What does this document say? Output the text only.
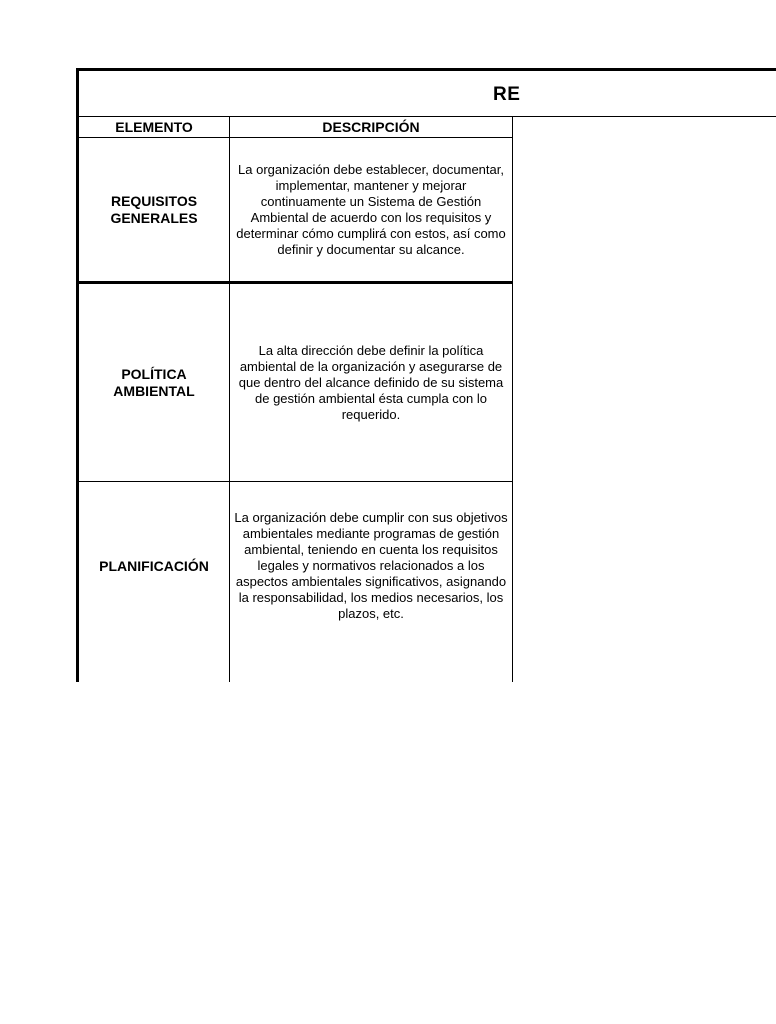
RE
ELEMENTO	DESCRIPCIÓN
REQUISITOS GENERALES
La organización debe establecer, documentar, implementar, mantener y mejorar continuamente un Sistema de Gestión Ambiental de acuerdo con los requisitos y determinar cómo cumplirá con estos, así como definir y documentar su alcance.
POLÍTICA AMBIENTAL
La alta dirección debe definir la política ambiental de la organización y asegurarse de que dentro del alcance definido de su sistema de gestión ambiental ésta cumpla con lo requerido.
PLANIFICACIÓN
La organización debe cumplir con sus objetivos ambientales mediante programas de gestión ambiental, teniendo en cuenta los requisitos legales y normativos relacionados a los aspectos ambientales significativos, asignando la responsabilidad, los medios necesarios, los plazos, etc.
